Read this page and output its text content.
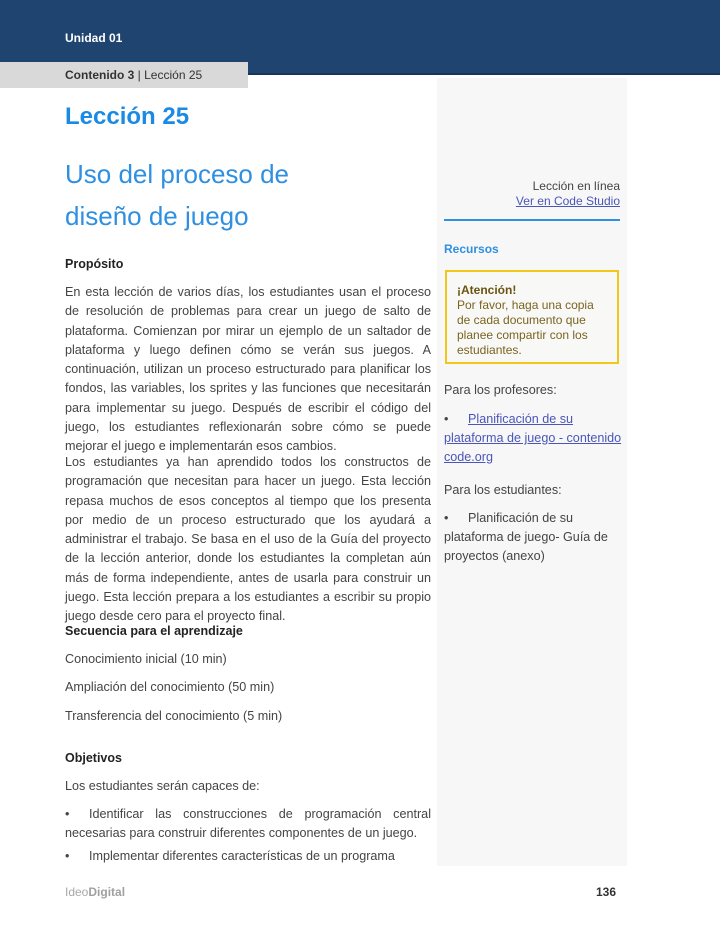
Unidad 01
Contenido 3 | Lección 25
Lección 25
Uso del proceso de
diseño de juego
Propósito
En esta lección de varios días, los estudiantes usan el proceso de resolución de problemas para crear un juego de salto de plataforma. Comienzan por mirar un ejemplo de un saltador de plataforma y luego definen cómo se verán sus juegos. A continuación, utilizan un proceso estructurado para planificar los fondos, las variables, los sprites y las funciones que necesitarán para implementar su juego. Después de escribir el código del juego, los estudiantes reflexionarán sobre cómo se puede mejorar el juego e implementarán esos cambios.
Los estudiantes ya han aprendido todos los constructos de programación que necesitan para hacer un juego. Esta lección repasa muchos de esos conceptos al tiempo que los presenta por medio de un proceso estructurado que los ayudará a administrar el trabajo. Se basa en el uso de la Guía del proyecto de la lección anterior, donde los estudiantes la completan aún más de forma independiente, antes de usarla para construir un juego. Esta lección prepara a los estudiantes a escribir su propio juego desde cero para el proyecto final.
Secuencia para el aprendizaje
Conocimiento inicial (10 min)
Ampliación del conocimiento (50 min)
Transferencia del conocimiento (5 min)
Objetivos
Los estudiantes serán capaces de:
• Identificar las construcciones de programación central necesarias para construir diferentes componentes de un juego.
• Implementar diferentes características de un programa
Lección en línea
Ver en Code Studio
Recursos
¡Atención!
Por favor, haga una copia de cada documento que planee compartir con los estudiantes.
Para los profesores:
• Planificación de su plataforma de juego - contenido code.org
Para los estudiantes:
• Planificación de su plataforma de juego- Guía de proyectos (anexo)
IdeoDigital	136
